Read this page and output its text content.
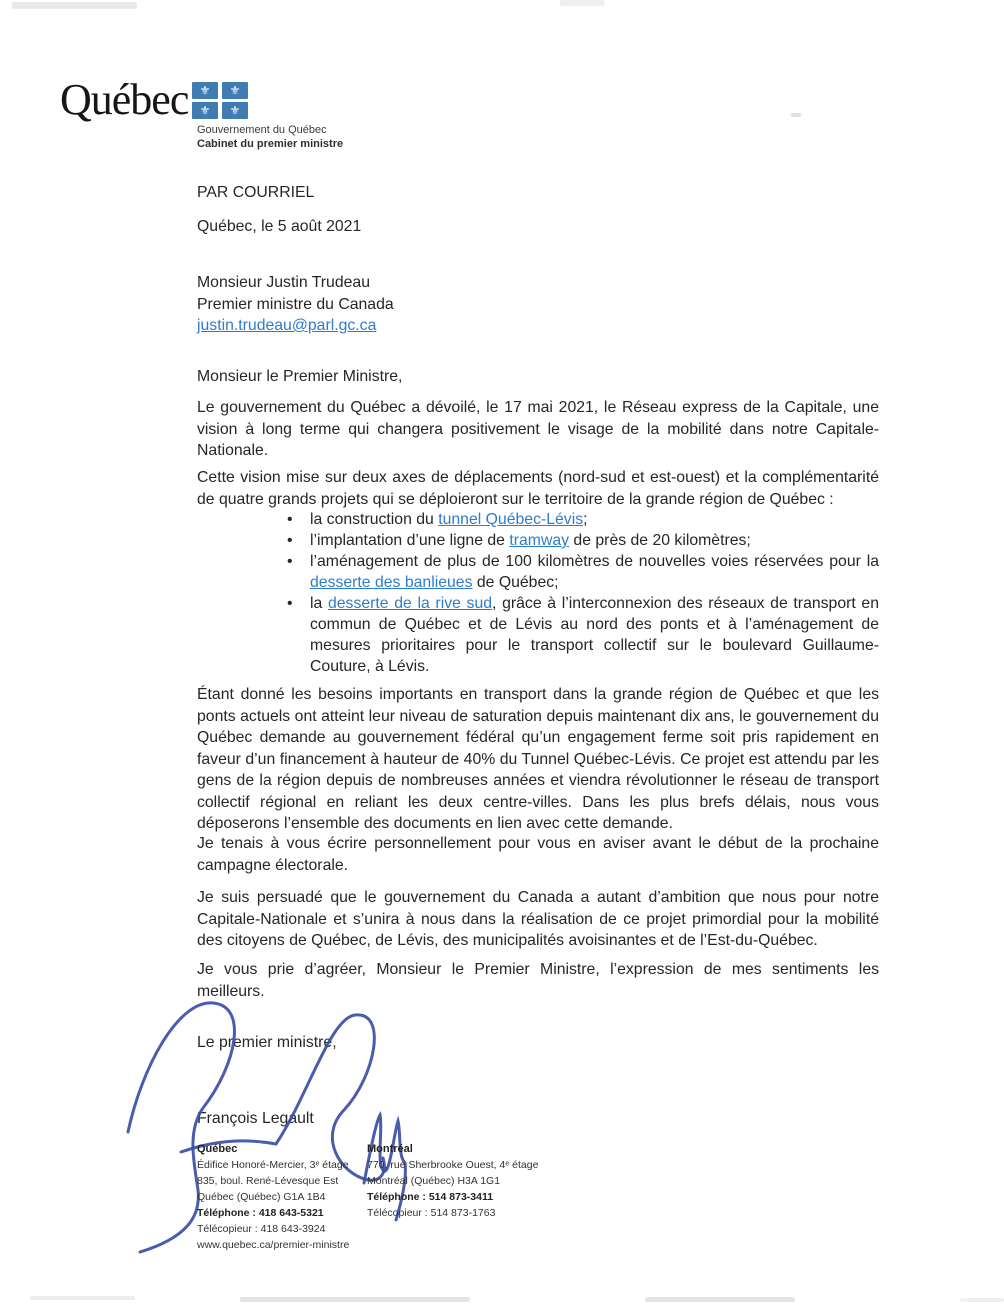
Québec ⚜ ⚜
⚜ ⚜
Gouvernement du Québec
Cabinet du premier ministre
PAR COURRIEL
Québec, le 5 août 2021
Monsieur Justin Trudeau
Premier ministre du Canada
justin.trudeau@parl.gc.ca
Monsieur le Premier Ministre,
Le gouvernement du Québec a dévoilé, le 17 mai 2021, le Réseau express de la Capitale, une vision à long terme qui changera positivement le visage de la mobilité dans notre Capitale-Nationale.
Cette vision mise sur deux axes de déplacements (nord-sud et est-ouest) et la complémentarité de quatre grands projets qui se déploieront sur le territoire de la grande région de Québec :
• la construction du tunnel Québec-Lévis;
• l’implantation d’une ligne de tramway de près de 20 kilomètres;
• l’aménagement de plus de 100 kilomètres de nouvelles voies réservées pour la desserte des banlieues de Québec;
• la desserte de la rive sud, grâce à l’interconnexion des réseaux de transport en commun de Québec et de Lévis au nord des ponts et à l’aménagement de mesures prioritaires pour le transport collectif sur le boulevard Guillaume-Couture, à Lévis.
Étant donné les besoins importants en transport dans la grande région de Québec et que les ponts actuels ont atteint leur niveau de saturation depuis maintenant dix ans, le gouvernement du Québec demande au gouvernement fédéral qu’un engagement ferme soit pris rapidement en faveur d’un financement à hauteur de 40% du Tunnel Québec-Lévis. Ce projet est attendu par les gens de la région depuis de nombreuses années et viendra révolutionner le réseau de transport collectif régional en reliant les deux centre-villes. Dans les plus brefs délais, nous vous déposerons l’ensemble des documents en lien avec cette demande.
Je tenais à vous écrire personnellement pour vous en aviser avant le début de la prochaine campagne électorale.
Je suis persuadé que le gouvernement du Canada a autant d’ambition que nous pour notre Capitale-Nationale et s’unira à nous dans la réalisation de ce projet primordial pour la mobilité des citoyens de Québec, de Lévis, des municipalités avoisinantes et de l’Est-du-Québec.
Je vous prie d’agréer, Monsieur le Premier Ministre, l’expression de mes sentiments les meilleurs.
Le premier ministre,
François Legault
Québec
Édifice Honoré-Mercier, 3ᵉ étage
835, boul. René-Lévesque Est
Québec (Québec) G1A 1B4
Téléphone : 418 643-5321
Télécopieur : 418 643-3924
www.quebec.ca/premier-ministre
Montréal
770, rue Sherbrooke Ouest, 4ᵉ étage
Montréal (Québec) H3A 1G1
Téléphone : 514 873-3411
Télécopieur : 514 873-1763
